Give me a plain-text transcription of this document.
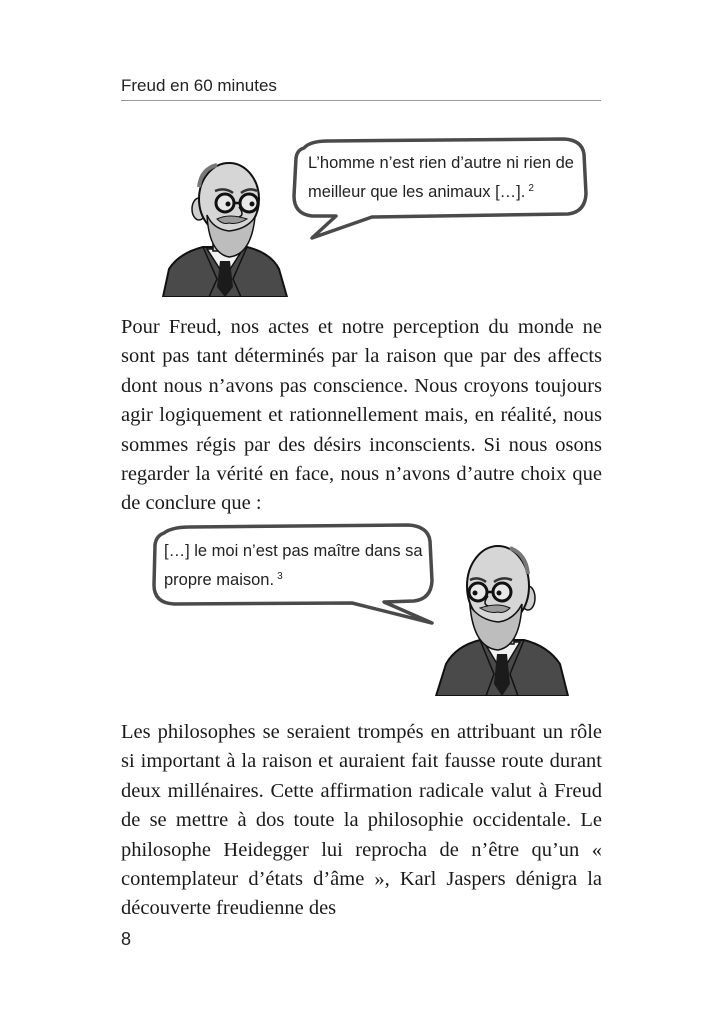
Freud en 60 minutes
L’homme n’est rien d’autre ni rien de meilleur que les animaux […]. $^2$

Pour Freud, nos actes et notre perception du monde ne sont pas tant déterminés par la raison que par des affects dont nous n’avons pas conscience. Nous croyons toujours agir logiquement et rationnellement mais, en réalité, nous sommes régis par des désirs inconscients. Si nous osons regarder la vérité en face, nous n’avons d’autre choix que de conclure que :

[…] le moi n’est pas maître dans sa propre maison. $^3$

Les philosophes se seraient trompés en attribuant un rôle si important à la raison et auraient fait fausse route durant deux millénaires. Cette affirmation radicale valut à Freud de se mettre à dos toute la philosophie occidentale. Le philosophe Heidegger lui reprocha de n’être qu’un « contemplateur d’états d’âme », Karl Jaspers dénigra la découverte freudienne des

8
